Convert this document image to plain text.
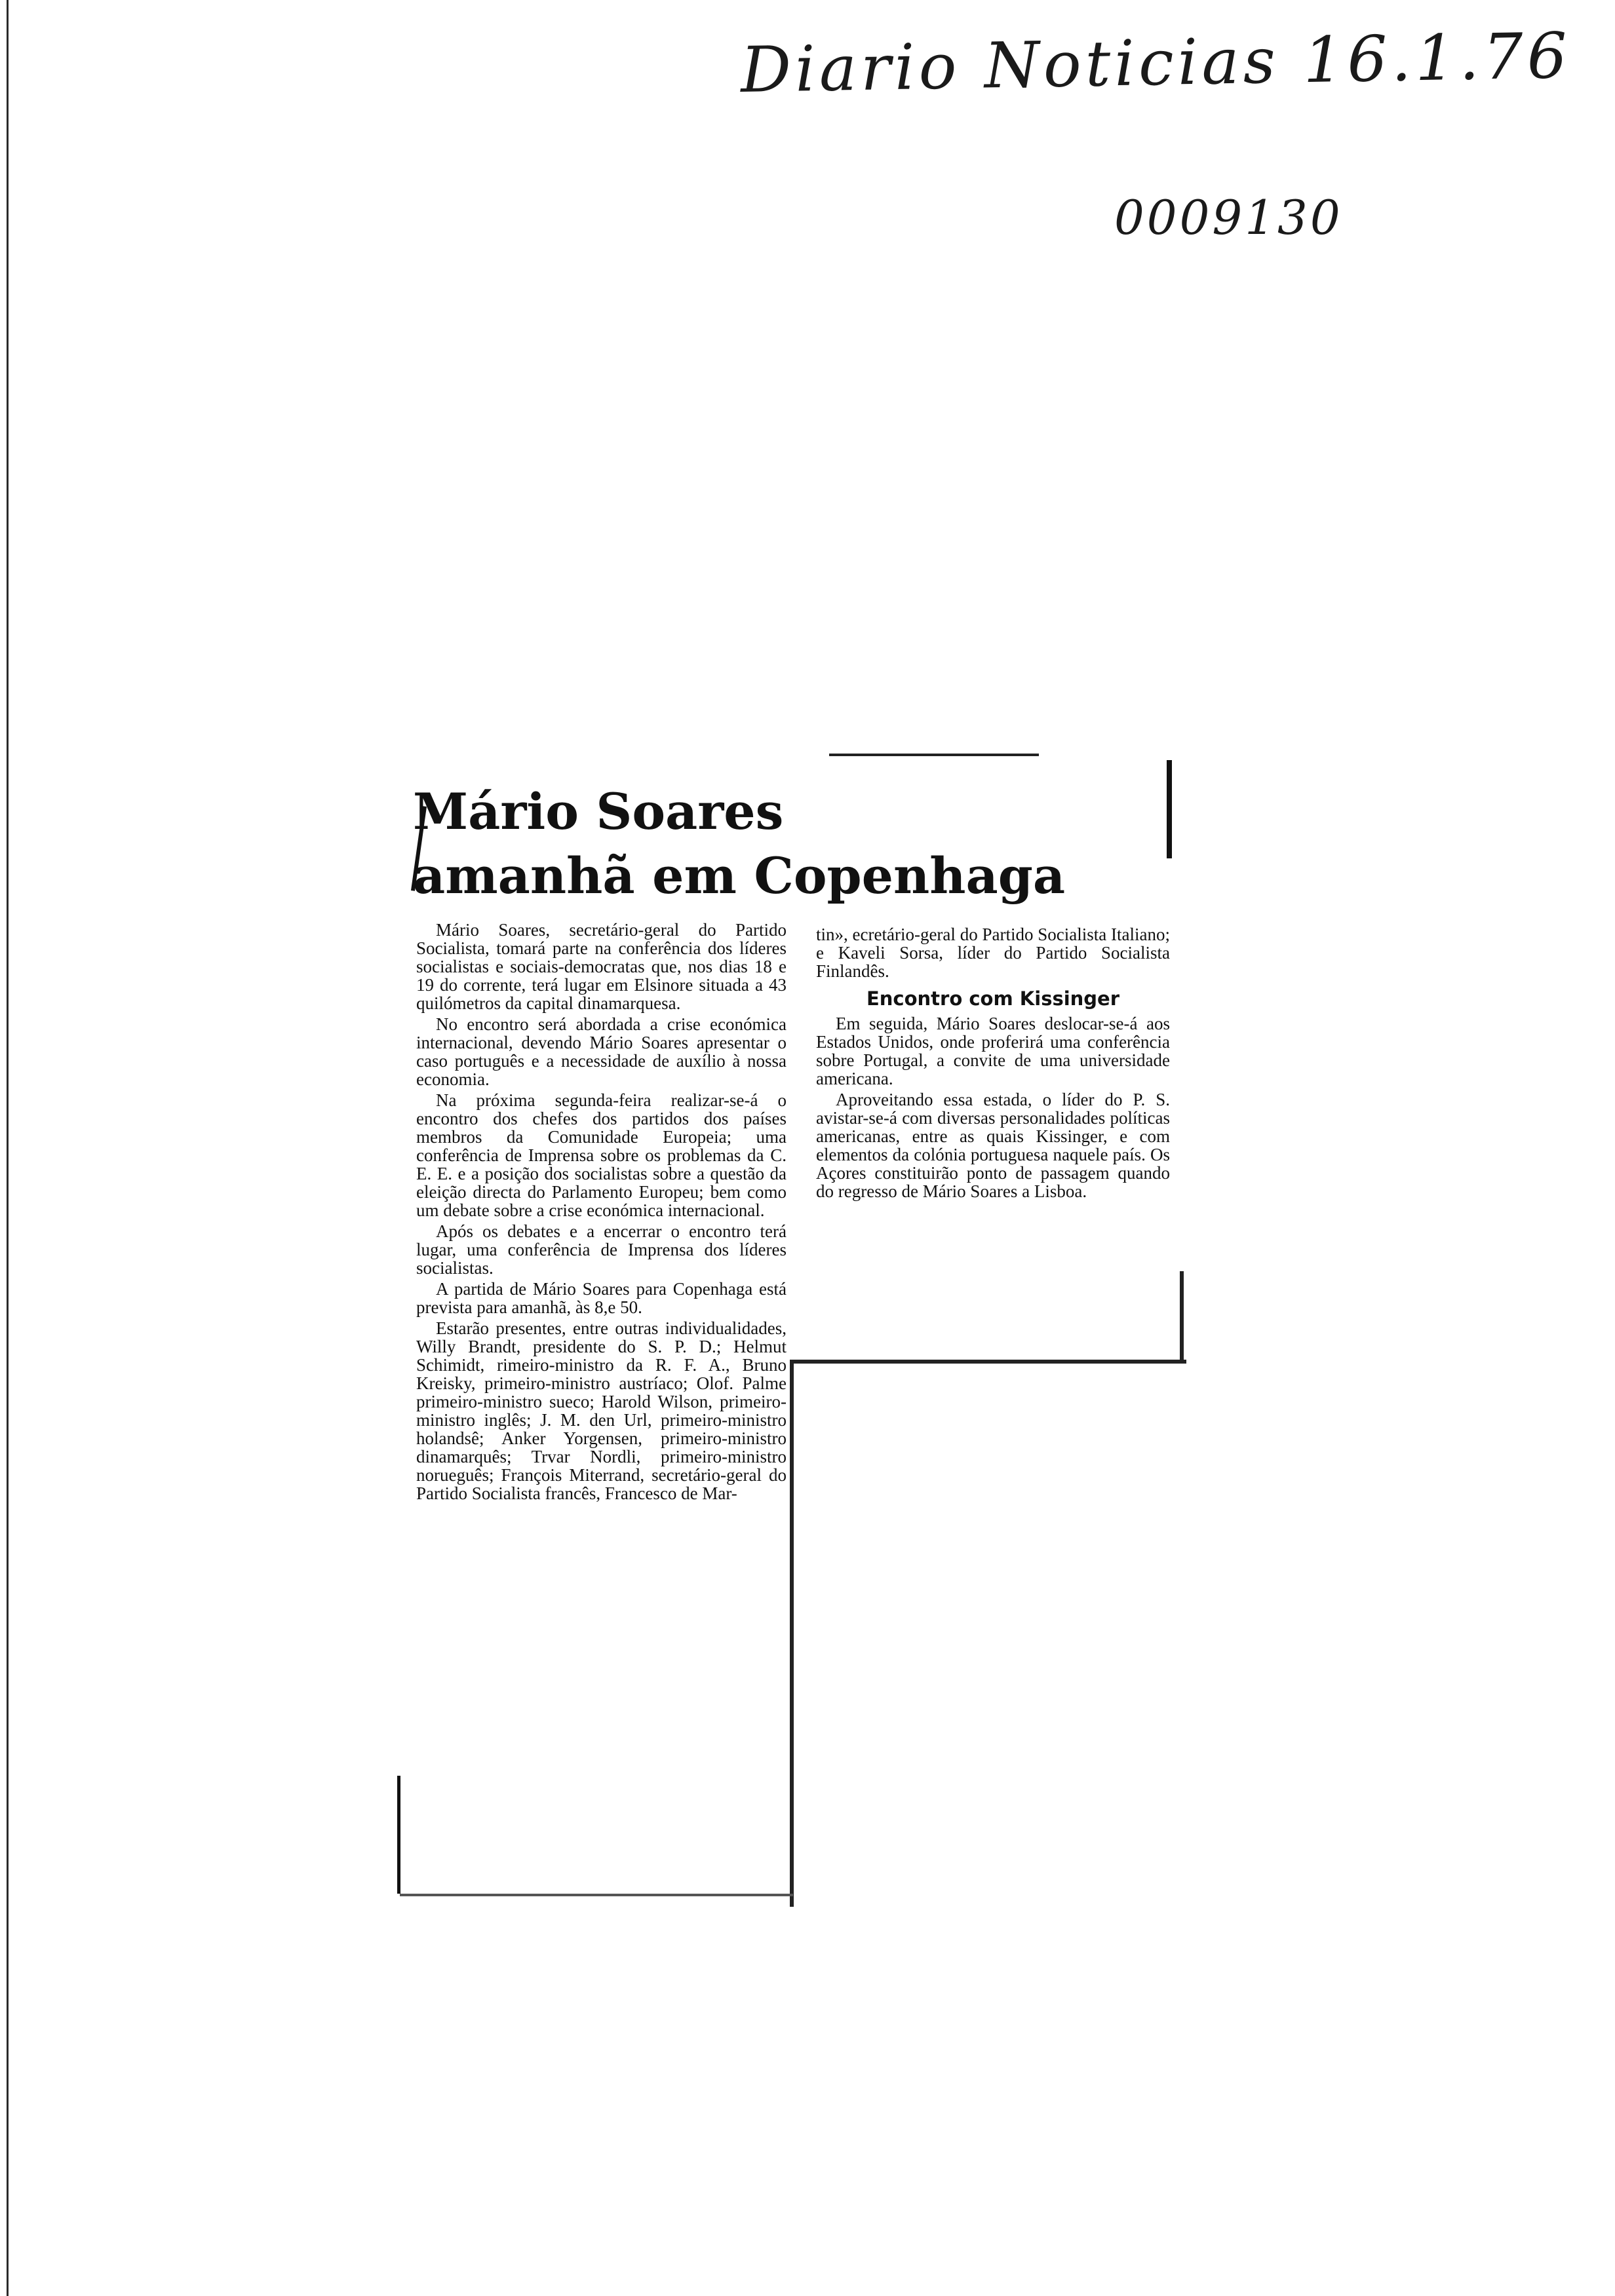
Diario Noticias 16.1.76
0009130
Mário Soares
amanhã em Copenhaga

Mário Soares, secretário-geral do Partido Socialista, tomará parte na conferência dos líderes socialistas e sociais-democratas que, nos dias 18 e 19 do corrente, terá lugar em Elsinore situada a 43 quilómetros da capital dinamarquesa.

No encontro será abordada a crise económica internacional, devendo Mário Soares apresentar o caso português e a necessidade de auxílio à nossa economia.

Na próxima segunda-feira realizar-se-á o encontro dos chefes dos partidos dos países membros da Comunidade Europeia; uma conferência de Imprensa sobre os problemas da C. E. E. e a posição dos socialistas sobre a questão da eleição directa do Parlamento Europeu; bem como um debate sobre a crise económica internacional.

Após os debates e a encerrar o encontro terá lugar, uma conferência de Imprensa dos líderes socialistas.

A partida de Mário Soares para Copenhaga está prevista para amanhã, às 8,e 50.

Estarão presentes, entre outras individualidades, Willy Brandt, presidente do S. P. D.; Helmut Schimidt, rimeiro-ministro da R. F. A., Bruno Kreisky, primeiro-ministro austríaco; Olof. Palme primeiro-ministro sueco; Harold Wilson, primeiro-ministro inglês; J. M. den Url, primeiro-ministro holandsê; Anker Yorgensen, primeiro-ministro dinamarquês; Trvar Nordli, primeiro-ministro norueguês; François Miterrand, secretário-geral do Partido Socialista francês, Francesco de Mar-

tin», ecretário-geral do Partido Socialista Italiano; e Kaveli Sorsa, líder do Partido Socialista Finlandês.

Encontro com Kissinger

Em seguida, Mário Soares deslocar-se-á aos Estados Unidos, onde proferirá uma conferência sobre Portugal, a convite de uma universidade americana.

Aproveitando essa estada, o líder do P. S. avistar-se-á com diversas personalidades políticas americanas, entre as quais Kissinger, e com elementos da colónia portuguesa naquele país. Os Açores constituirão ponto de passagem quando do regresso de Mário Soares a Lisboa.
